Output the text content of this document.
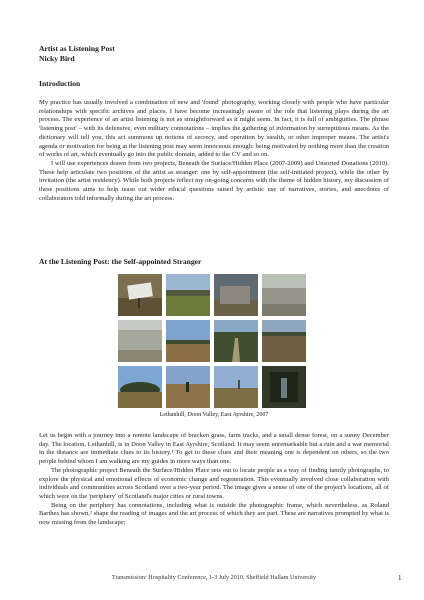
Artist as Listening Post
Nicky Bird
Introduction

My practice has usually involved a combination of new and 'found' photography, working closely with people who have particular relationships with specific archives and places. I have become increasingly aware of the role that listening plays during the art process. The experience of an artist listening is not as straightforward as it might seem. In fact, it is full of ambiguities. The phrase 'listening post' – with its defensive, even military connotations – implies the gathering of information by surreptitious means. As the dictionary will tell you, this act summons up notions of secrecy, and operation by stealth, or other improper means. The artist's agenda or motivation for being at the listening post may seem innocuous enough: being motivated by nothing more than the creation of works of art, which eventually go into the public domain, added to the CV and so on.

I will use experiences drawn from two projects, Beneath the Surface/Hidden Place (2007-2009) and Unsorted Donations (2010). These help articulate two positions of the artist as stranger: one by self-appointment (the self-initiated project), while the other by invitation (the artist residency). While both projects reflect my on-going concerns with the theme of hidden history, my discussion of these positions aims to help tease out wider ethical questions raised by artistic use of narratives, stories, and anecdotes of collaborators told informally during the art process.

At the Listening Post: the Self-appointed Stranger
Lethanhill, Doon Valley, East Ayrshire, 2007

Let us begin with a journey into a remote landscape of bracken grass, farm tracks, and a small dense forest, on a sunny December day. The location, Lethanhill, is in Doon Valley in East Ayrshire, Scotland. It may seem unremarkable but a ruin and a war memorial in the distance are immediate clues to its history.¹ To get to these clues and their meaning one is dependent on others, so the two people behind whom I am walking are my guides in more ways than one.

The photographic project Beneath the Surface/Hidden Place sets out to locate people as a way of finding family photographs, to explore the physical and emotional effects of economic change and regeneration. This eventually involved close collaboration with individuals and communities across Scotland over a two-year period. The image gives a sense of one of the project's locations, all of which were on the 'periphery' of Scotland's major cities or rural towns.

Being on the periphery has connotations, including what is outside the photographic frame, which nevertheless, as Roland Barthes has shown,² shape the reading of images and the art process of which they are part. These are narratives prompted by what is now missing from the landscape;

Transmission: Hospitality Conference, 1-3 July 2010, Sheffield Hallam University	1
